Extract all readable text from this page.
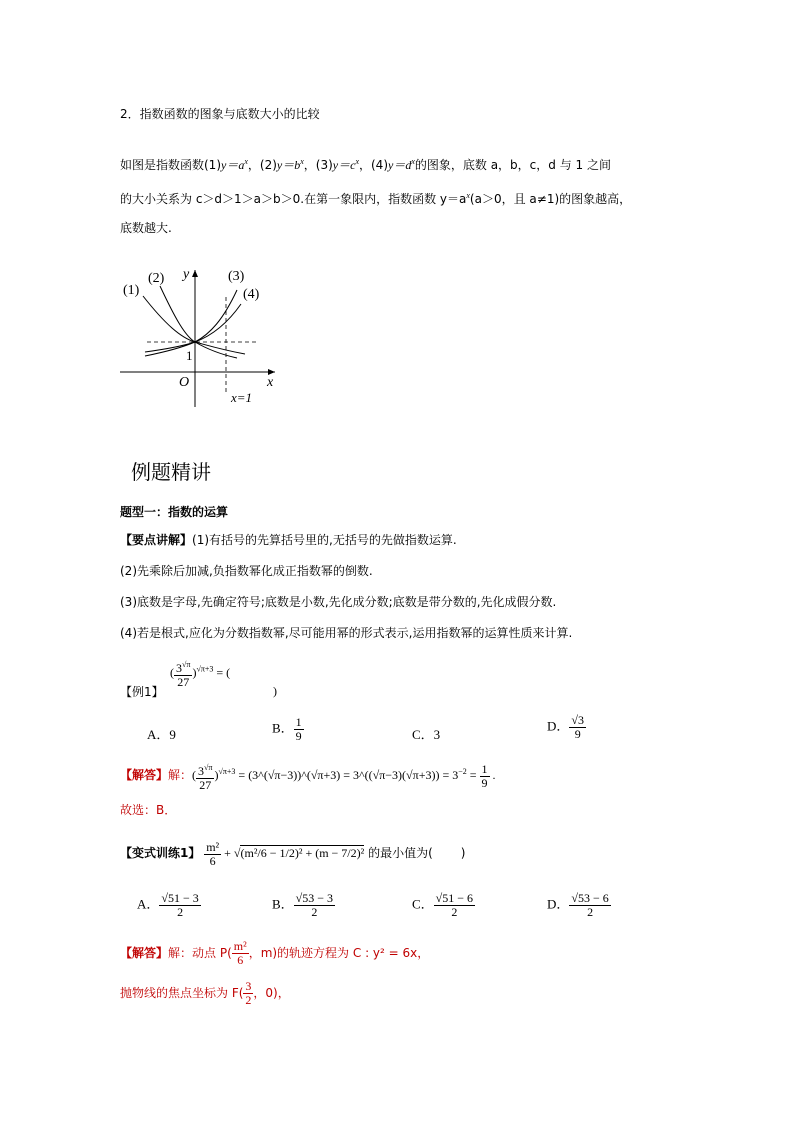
2．指数函数的图象与底数大小的比较
如图是指数函数$(1)y=a^x$，$(2)y=b^x$，$(3)y=c^x$，$(4)y=d^x$的图象，底数 a，b，c，d 与 1 之间
的大小关系为 c＞d＞1＞a＞b＞0.在第一象限内，指数函数 $y=a^x(a>0$，且 a≠1)的图象越高，
底数越大.
(1)
(2)	(3)
(4)
y
x
O
1
x=1
例题精讲
题型一：指数的运算
【要点讲解】(1)有括号的先算括号里的,无括号的先做指数运算.
(2)先乘除后加减,负指数幂化成正指数幂的倒数.
(3)底数是字母,先确定符号;底数是小数,先化成分数;底数是带分数的,先化成假分数.
(4)若是根式,应化为分数指数幂,尽可能用幂的形式表示,运用指数幂的运算性质来计算.
【例1】
( $\frac{3^{√\pi}}{27} )^{√\pi+3}$ = (
)
A．9	B． $\frac{1}{9}$	C．3
D． $\frac{√3}{9}$
【解答】解：( $\frac{3^{√\pi}}{27} )^{√\pi+3}$ = (3^(√π−3))^(√π+3) = 3^((√π−3)(√π+3)) = $3^{-2} = \frac{1}{9}$ .
故选：B．
【变式训练1】 $\frac{\text{m²}}{6} + √(m^2/6 - 1/2)^2 + (m - 7/2)^2$ 的最小值为( )
A． $\frac{√51 - 3}{2}$	B． $\frac{√53 - 3}{2}$	C． $\frac{√51 - 6}{2}$	D． $\frac{√53 - 6}{2}$
【解答】解：动点 $P( \frac{\text{m²}}{6}$ ，m)的轨迹方程为 C : y² = 6x，
抛物线的焦点坐标为 $F( \frac{3}{2}$ ，0)，
